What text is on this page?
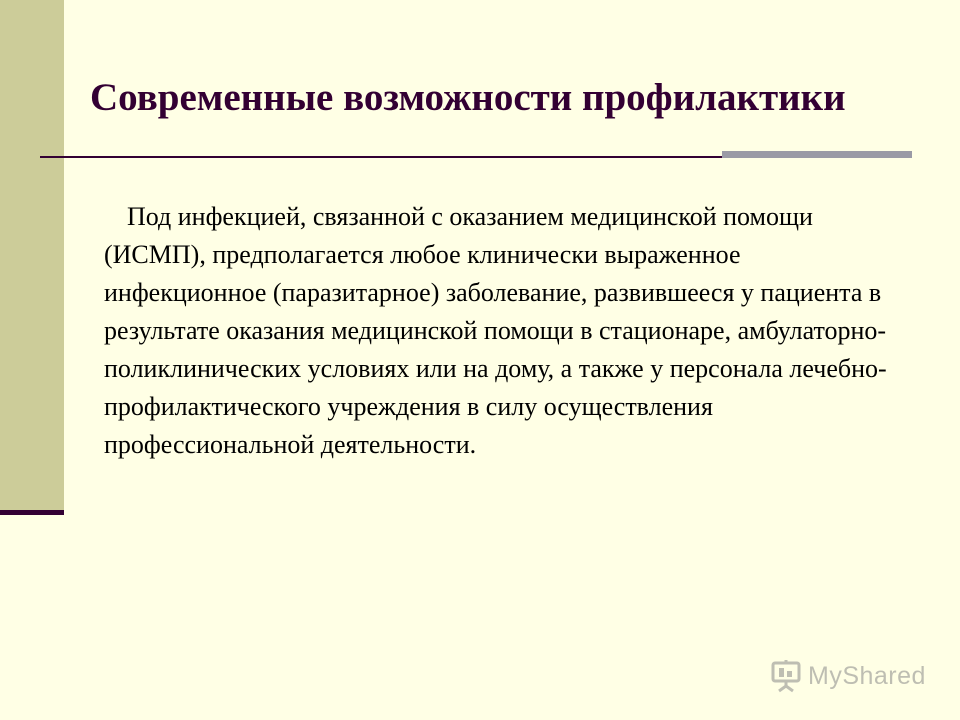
Современные возможности профилактики
Под инфекцией, связанной с оказанием медицинской помощи (ИСМП), предполагается любое клинически выраженное инфекционное (паразитарное) заболевание, развившееся у пациента в результате оказания медицинской помощи в стационаре, амбулаторно-поликлинических условиях или на дому, а также у персонала лечебно-профилактического учреждения в силу осуществления профессиональной деятельности.
MyShared
